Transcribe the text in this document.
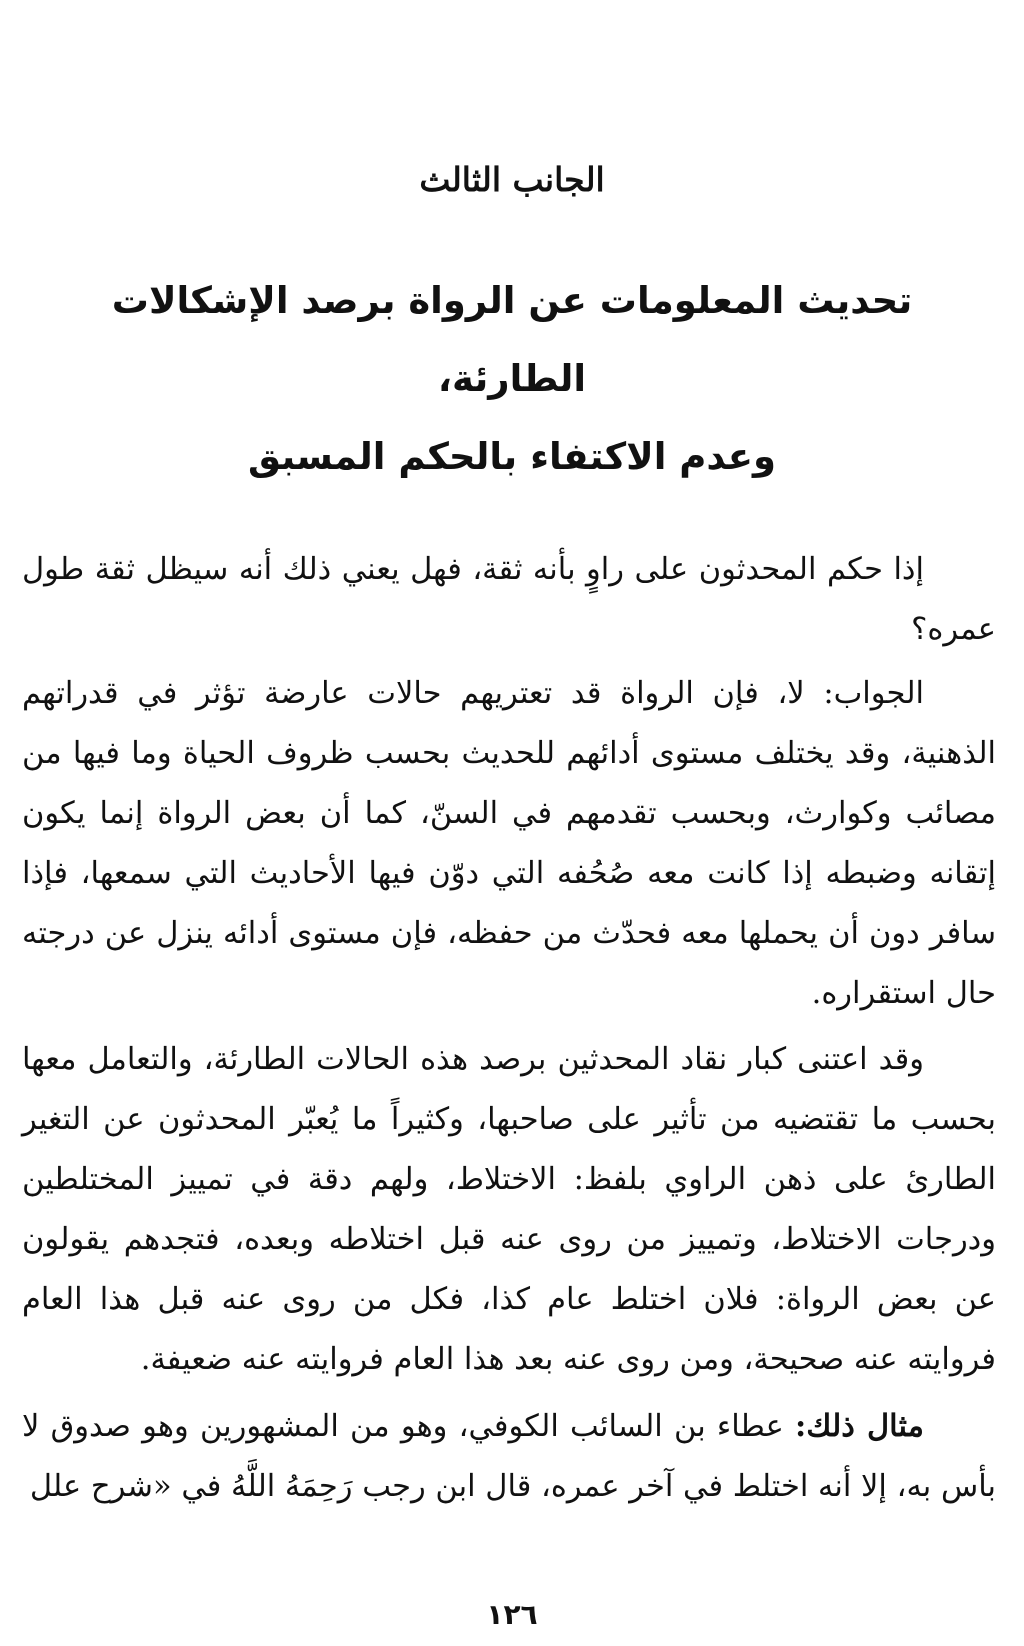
الجانب الثالث
تحديث المعلومات عن الرواة برصد الإشكالات الطارئة،
وعدم الاكتفاء بالحكم المسبق

إذا حكم المحدثون على راوٍ بأنه ثقة، فهل يعني ذلك أنه سيظل ثقة طول عمره؟

الجواب: لا، فإن الرواة قد تعتريهم حالات عارضة تؤثر في قدراتهم الذهنية، وقد يختلف مستوى أدائهم للحديث بحسب ظروف الحياة وما فيها من مصائب وكوارث، وبحسب تقدمهم في السنّ، كما أن بعض الرواة إنما يكون إتقانه وضبطه إذا كانت معه صُحُفه التي دوّن فيها الأحاديث التي سمعها، فإذا سافر دون أن يحملها معه فحدّث من حفظه، فإن مستوى أدائه ينزل عن درجته حال استقراره.

وقد اعتنى كبار نقاد المحدثين برصد هذه الحالات الطارئة، والتعامل معها بحسب ما تقتضيه من تأثير على صاحبها، وكثيراً ما يُعبّر المحدثون عن التغير الطارئ على ذهن الراوي بلفظ: الاختلاط، ولهم دقة في تمييز المختلطين ودرجات الاختلاط، وتمييز من روى عنه قبل اختلاطه وبعده، فتجدهم يقولون عن بعض الرواة: فلان اختلط عام كذا، فكل من روى عنه قبل هذا العام فروايته عنه صحيحة، ومن روى عنه بعد هذا العام فروايته عنه ضعيفة.

مثال ذلك: عطاء بن السائب الكوفي، وهو من المشهورين وهو صدوق لا بأس به، إلا أنه اختلط في آخر عمره، قال ابن رجب رَحِمَهُ اللَّهُ في «شرح علل

١٢٦
